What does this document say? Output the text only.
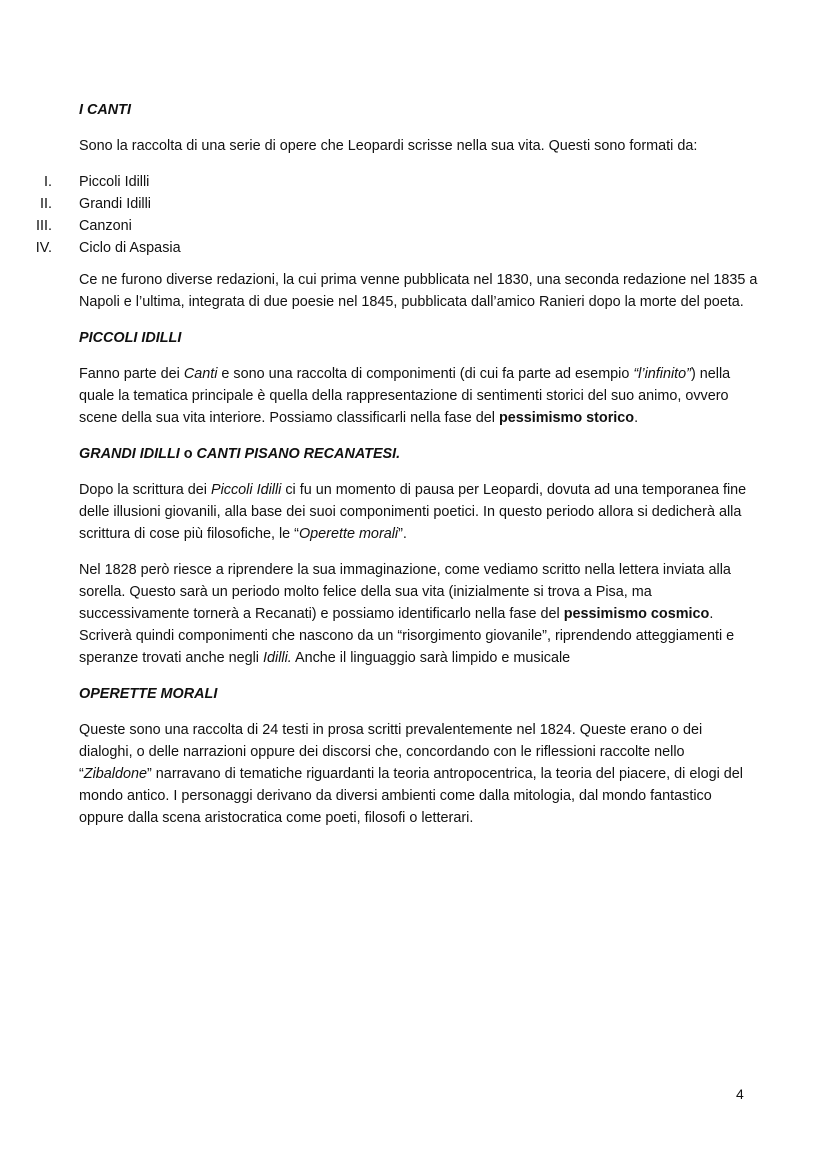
I CANTI

Sono la raccolta di una serie di opere che Leopardi scrisse nella sua vita. Questi sono formati da:

I. Piccoli Idilli
II. Grandi Idilli
III. Canzoni
IV. Ciclo di Aspasia

Ce ne furono diverse redazioni, la cui prima venne pubblicata nel 1830, una seconda redazione nel 1835 a Napoli e l’ultima, integrata di due poesie nel 1845, pubblicata dall’amico Ranieri dopo la morte del poeta.

PICCOLI IDILLI

Fanno parte dei Canti e sono una raccolta di componimenti (di cui fa parte ad esempio “l’infinito”) nella quale la tematica principale è quella della rappresentazione di sentimenti storici del suo animo, ovvero scene della sua vita interiore. Possiamo classificarli nella fase del pessimismo storico.

GRANDI IDILLI o CANTI PISANO RECANATESI.

Dopo la scrittura dei Piccoli Idilli ci fu un momento di pausa per Leopardi, dovuta ad una temporanea fine delle illusioni giovanili, alla base dei suoi componimenti poetici. In questo periodo allora si dedicherà alla scrittura di cose più filosofiche, le “Operette morali”.

Nel 1828 però riesce a riprendere la sua immaginazione, come vediamo scritto nella lettera inviata alla sorella. Questo sarà un periodo molto felice della sua vita (inizialmente si trova a Pisa, ma successivamente tornerà a Recanati) e possiamo identificarlo nella fase del pessimismo cosmico. Scriverà quindi componimenti che nascono da un “risorgimento giovanile”, riprendendo atteggiamenti e speranze trovati anche negli Idilli. Anche il linguaggio sarà limpido e musicale

OPERETTE MORALI

Queste sono una raccolta di 24 testi in prosa scritti prevalentemente nel 1824. Queste erano o dei dialoghi, o delle narrazioni oppure dei discorsi che, concordando con le riflessioni raccolte nello “Zibaldone” narravano di tematiche riguardanti la teoria antropocentrica, la teoria del piacere, di elogi del mondo antico. I personaggi derivano da diversi ambienti come dalla mitologia, dal mondo fantastico oppure dalla scena aristocratica come poeti, filosofi o letterari.

4
